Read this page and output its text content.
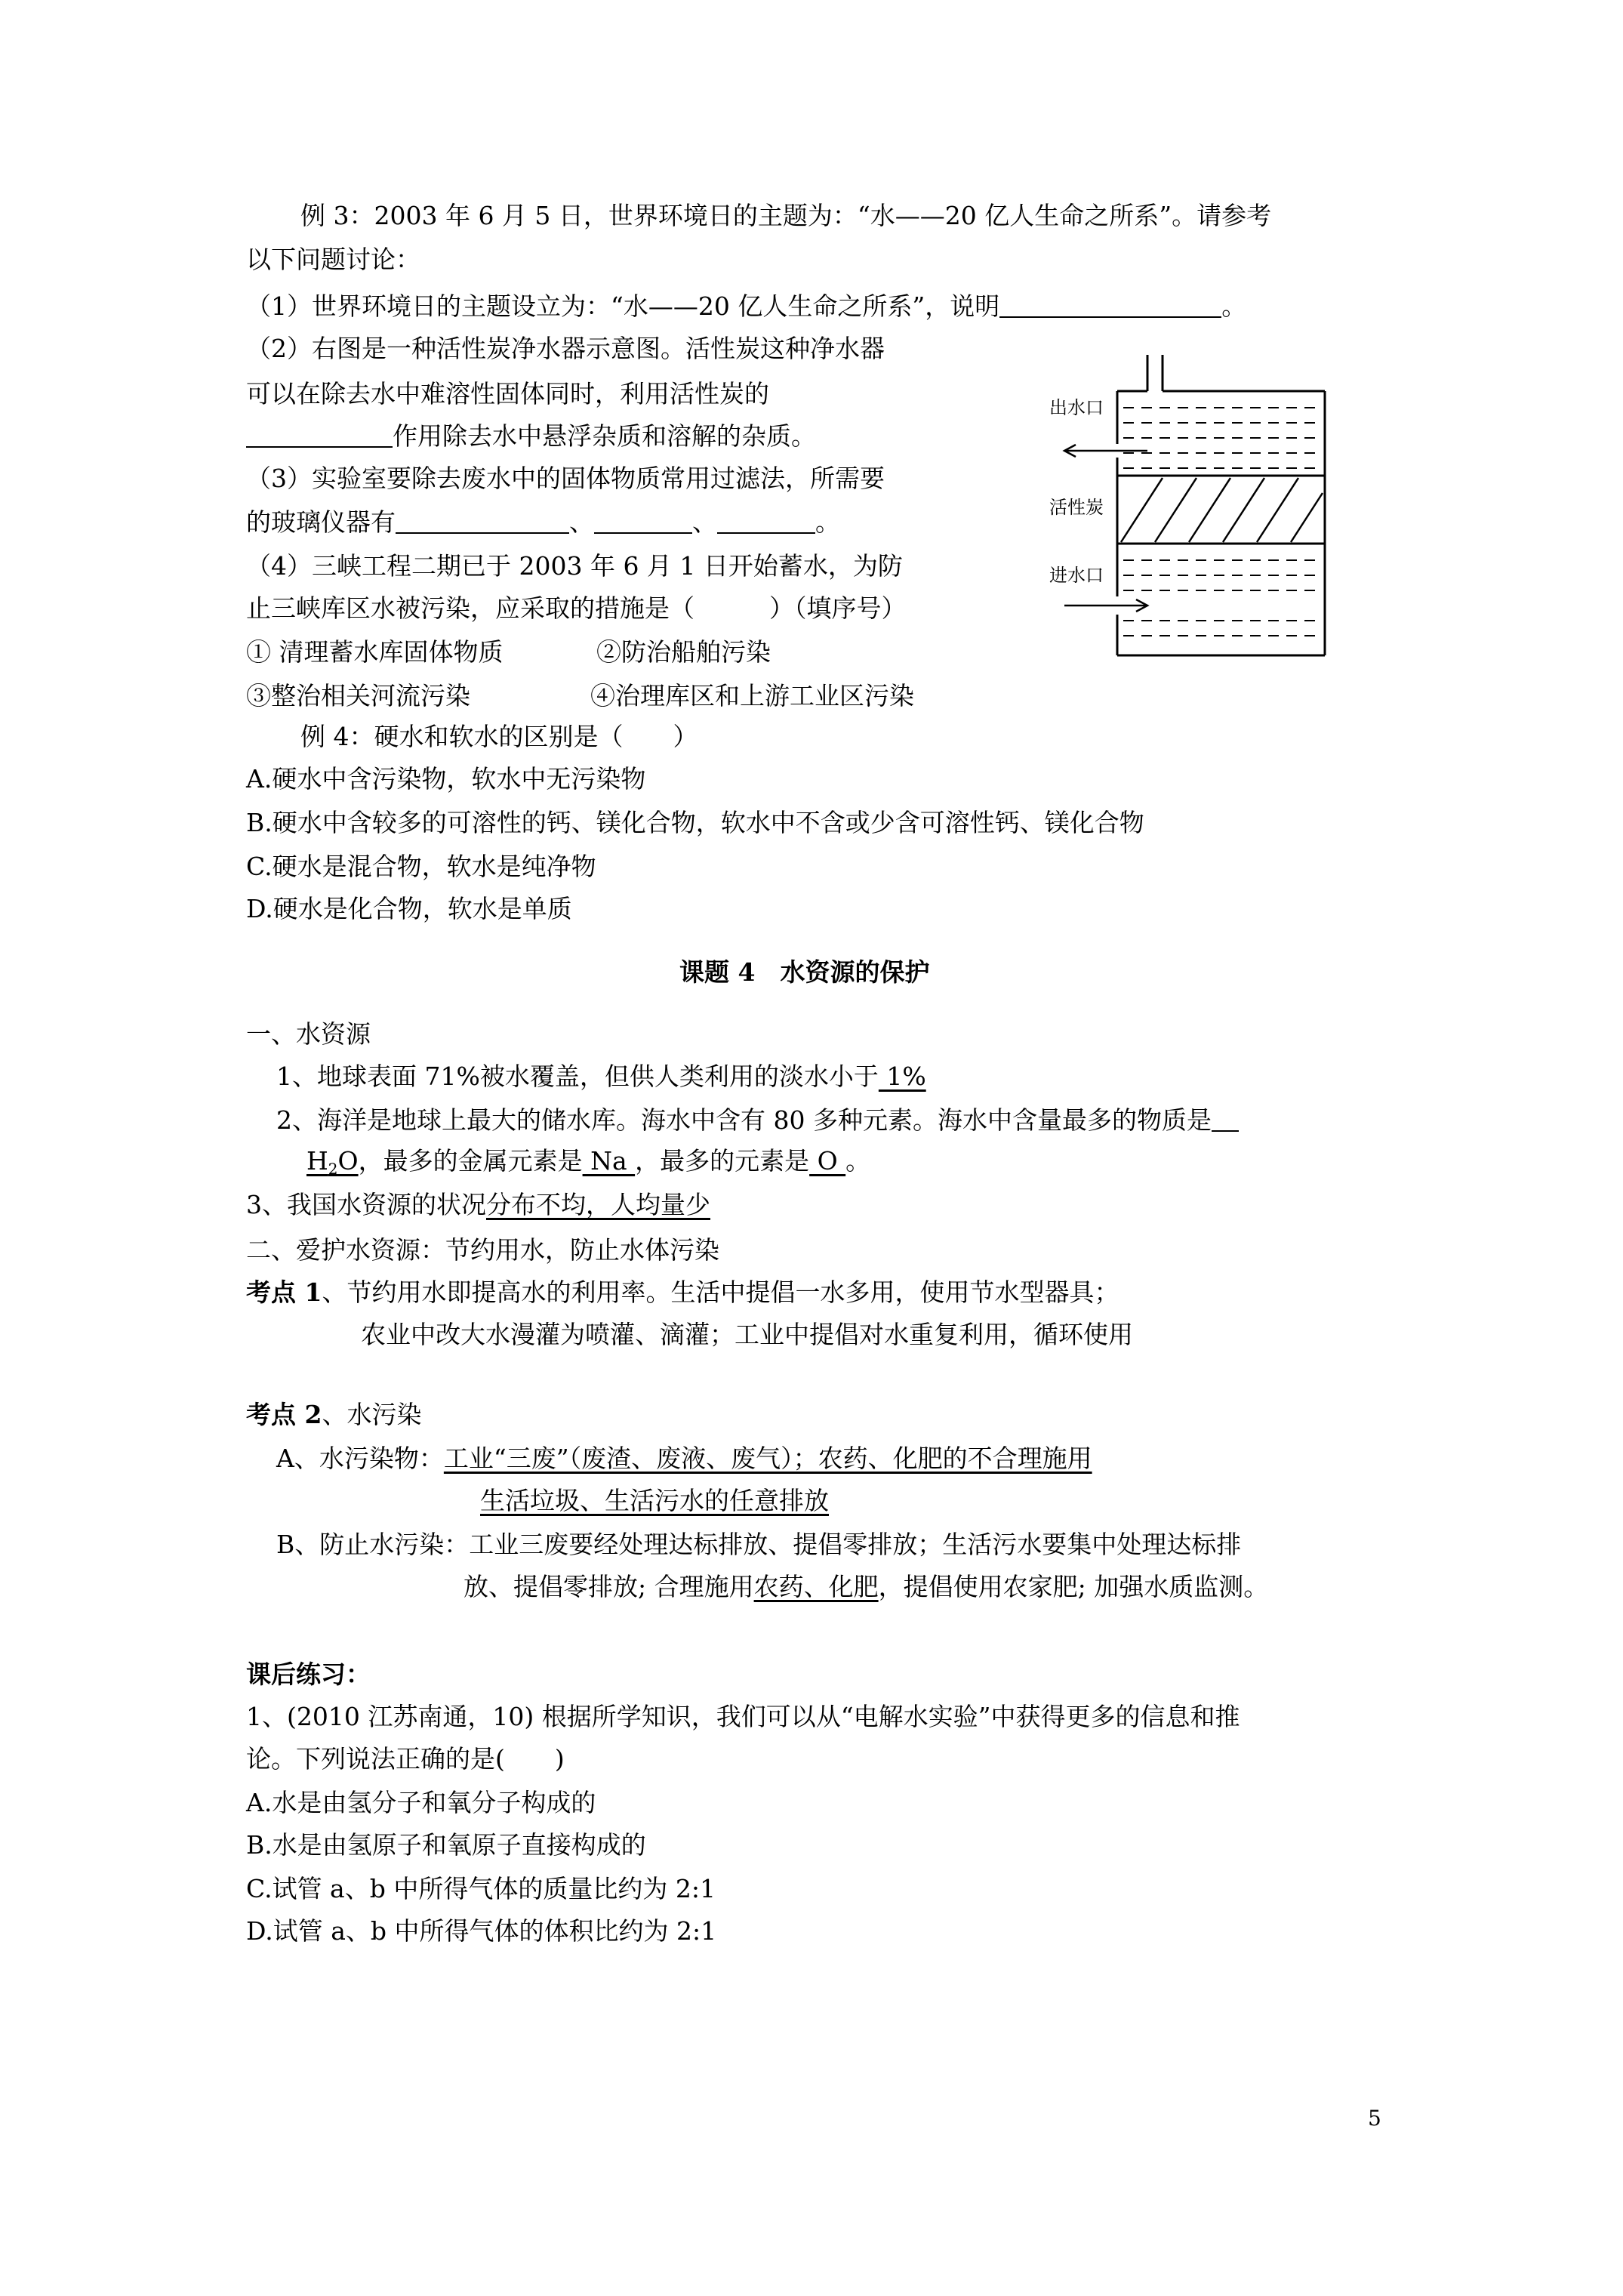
例 3：2003 年 6 月 5 日，世界环境日的主题为：“水——20 亿人生命之所系”。请参考
以下问题讨论：
（1）世界环境日的主题设立为：“水——20 亿人生命之所系”，说明	。
（2）右图是一种活性炭净水器示意图。活性炭这种净水器
可以在除去水中难溶性固体同时，利用活性炭的
作用除去水中悬浮杂质和溶解的杂质。
（3）实验室要除去废水中的固体物质常用过滤法，所需要
的玻璃仪器有	、	、	。
（4）三峡工程二期已于 2003 年 6 月 1 日开始蓄水，为防
止三峡库区水被污染，应采取的措施是（　　　）（填序号）
① 清理蓄水库固体物质	②防治船舶污染
③整治相关河流污染	④治理库区和上游工业区污染
出水口
活性炭
进水口
例 4：硬水和软水的区别是（　　）
A.硬水中含污染物，软水中无污染物
B.硬水中含较多的可溶性的钙、镁化合物，软水中不含或少含可溶性钙、镁化合物
C.硬水是混合物，软水是纯净物
D.硬水是化合物，软水是单质
课题 4　水资源的保护
一、水资源
1、地球表面 71%被水覆盖，但供人类利用的淡水小于 1%
2、海洋是地球上最大的储水库。海水中含有 80 多种元素。海水中含量最多的物质是
$H_2O$，最多的金属元素是 Na ，最多的元素是 O 。
3、我国水资源的状况分布不均，人均量少
二、爱护水资源：节约用水，防止水体污染
考点 1、节约用水即提高水的利用率。生活中提倡一水多用，使用节水型器具；
农业中改大水漫灌为喷灌、滴灌；工业中提倡对水重复利用，循环使用
考点 2、水污染
A、水污染物：工业“三废”（废渣、废液、废气）；农药、化肥的不合理施用
生活垃圾、生活污水的任意排放
B、防止水污染：工业三废要经处理达标排放、提倡零排放；生活污水要集中处理达标排
放、提倡零排放; 合理施用农药、化肥，提倡使用农家肥; 加强水质监测。
课后练习：
1、(2010 江苏南通，10) 根据所学知识，我们可以从“电解水实验”中获得更多的信息和推
论。下列说法正确的是(　　)
A.水是由氢分子和氧分子构成的
B.水是由氢原子和氧原子直接构成的
C.试管 a、b 中所得气体的质量比约为 2:1
D.试管 a、b 中所得气体的体积比约为 2:1
5
